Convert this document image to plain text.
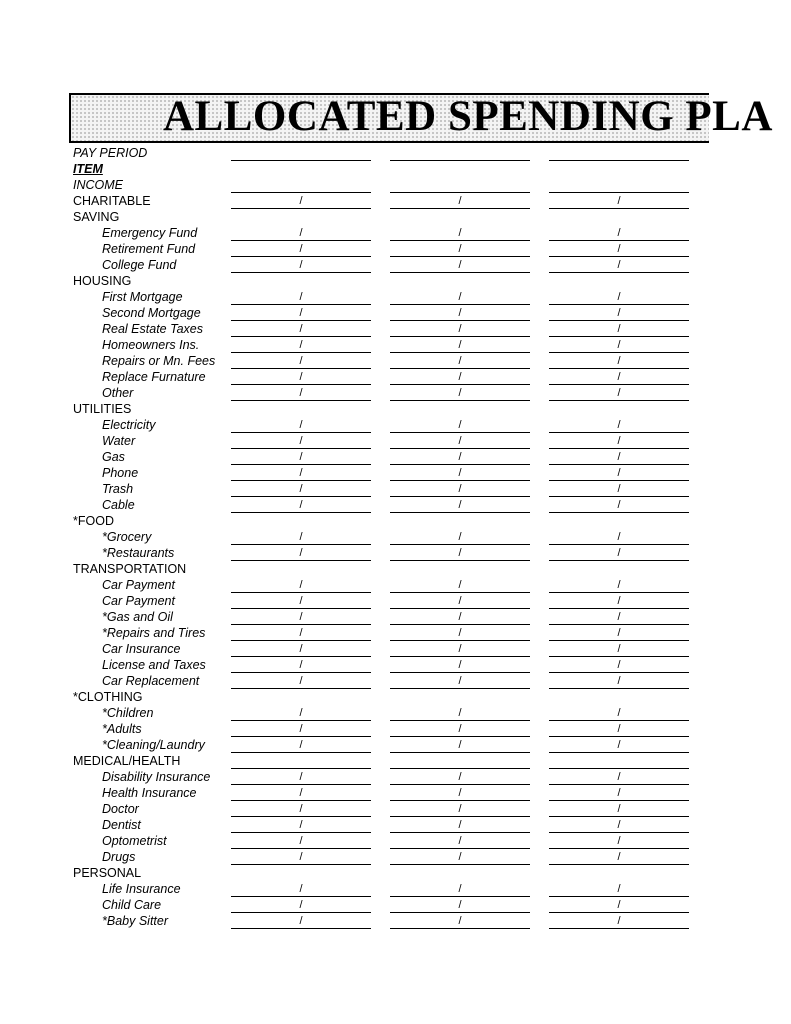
ALLOCATED SPENDING PLA
PAY PERIOD
ITEM
INCOME
CHARITABLE	/	/	/
SAVING
Emergency Fund	/	/	/
Retirement Fund	/	/	/
College Fund	/	/	/
HOUSING
First Mortgage	/	/	/
Second Mortgage	/	/	/
Real Estate Taxes	/	/	/
Homeowners Ins.	/	/	/
Repairs or Mn. Fees	/	/	/
Replace Furnature	/	/	/
Other	/	/	/
UTILITIES
Electricity	/	/	/
Water	/	/	/
Gas	/	/	/
Phone	/	/	/
Trash	/	/	/
Cable	/	/	/
*FOOD
*Grocery	/	/	/
*Restaurants	/	/	/
TRANSPORTATION
Car Payment	/	/	/
Car Payment	/	/	/
*Gas and Oil	/	/	/
*Repairs and Tires	/	/	/
Car Insurance	/	/	/
License and Taxes	/	/	/
Car Replacement	/	/	/
*CLOTHING
*Children	/	/	/
*Adults	/	/	/
*Cleaning/Laundry	/	/	/
MEDICAL/HEALTH
Disability Insurance	/	/	/
Health Insurance	/	/	/
Doctor	/	/	/
Dentist	/	/	/
Optometrist	/	/	/
Drugs	/	/	/
PERSONAL
Life Insurance	/	/	/
Child Care	/	/	/
*Baby Sitter	/	/	/
